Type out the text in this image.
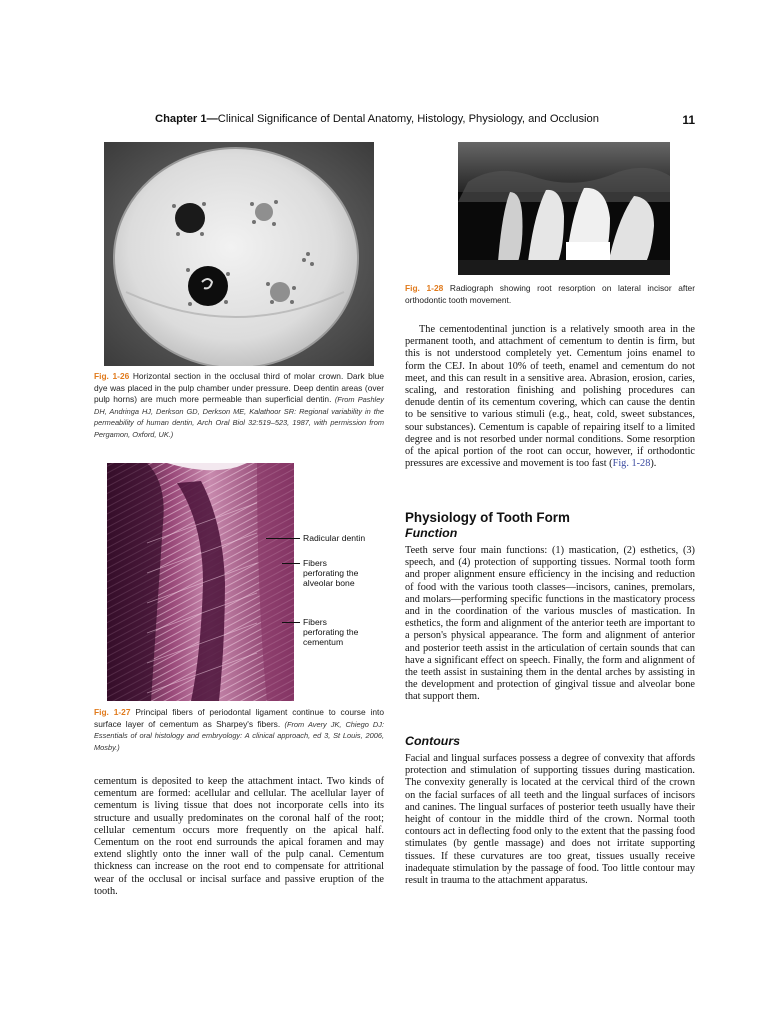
Chapter 1—Clinical Significance of Dental Anatomy, Histology, Physiology, and Occlusion	11
Fig. 1-26 Horizontal section in the occlusal third of molar crown. Dark blue dye was placed in the pulp chamber under pressure. Deep dentin areas (over pulp horns) are much more permeable than superficial dentin. (From Pashley DH, Andringa HJ, Derkson GD, Derkson ME, Kalathoor SR: Regional variability in the permeability of human dentin, Arch Oral Biol 32:519–523, 1987, with permission from Pergamon, Oxford, UK.)
Fig. 1-28 Radiograph showing root resorption on lateral incisor after orthodontic tooth movement.

The cementodentinal junction is a relatively smooth area in the permanent tooth, and attachment of cementum to dentin is firm, but this is not understood completely yet. Cementum joins enamel to form the CEJ. In about 10% of teeth, enamel and cementum do not meet, and this can result in a sensitive area. Abrasion, erosion, caries, scaling, and restoration finishing and polishing procedures can denude dentin of its cementum covering, which can cause the dentin to be sensitive to various stimuli (e.g., heat, cold, sweet substances, sour substances). Cementum is capable of repairing itself to a limited degree and is not resorbed under normal conditions. Some resorption of the apical portion of the root can occur, however, if orthodontic pressures are excessive and movement is too fast (Fig. 1-28).

Radicular dentin
Fibers perforating the alveolar bone
Fibers perforating the cementum
Fig. 1-27 Principal fibers of periodontal ligament continue to course into surface layer of cementum as Sharpey's fibers. (From Avery JK, Chiego DJ: Essentials of oral histology and embryology: A clinical approach, ed 3, St Louis, 2006, Mosby.)
Physiology of Tooth Form
Function

Teeth serve four main functions: (1) mastication, (2) esthetics, (3) speech, and (4) protection of supporting tissues. Normal tooth form and proper alignment ensure efficiency in the incising and reduction of food with the various tooth classes—incisors, canines, premolars, and molars—performing specific functions in the masticatory process and in the coordination of the various muscles of mastication. In esthetics, the form and alignment of the anterior teeth are important to a person's physical appearance. The form and alignment of anterior and posterior teeth assist in the articulation of certain sounds that can have a significant effect on speech. Finally, the form and alignment of the teeth assist in sustaining them in the dental arches by assisting in the development and protection of gingival tissue and alveolar bone that support them.

Contours

Facial and lingual surfaces possess a degree of convexity that affords protection and stimulation of supporting tissues during mastication. The convexity generally is located at the cervical third of the crown on the facial surfaces of all teeth and the lingual surfaces of incisors and canines. The lingual surfaces of posterior teeth usually have their height of contour in the middle third of the crown. Normal tooth contours act in deflecting food only to the extent that the passing food stimulates (by gentle massage) and does not irritate supporting tissues. If these curvatures are too great, tissues usually receive inadequate stimulation by the passage of food. Too little contour may result in trauma to the attachment apparatus.

cementum is deposited to keep the attachment intact. Two kinds of cementum are formed: acellular and cellular. The acellular layer of cementum is living tissue that does not incorporate cells into its structure and usually predominates on the coronal half of the root; cellular cementum occurs more frequently on the apical half. Cementum on the root end surrounds the apical foramen and may extend slightly onto the inner wall of the pulp canal. Cementum thickness can increase on the root end to compensate for attritional wear of the occlusal or incisal surface and passive eruption of the tooth.
